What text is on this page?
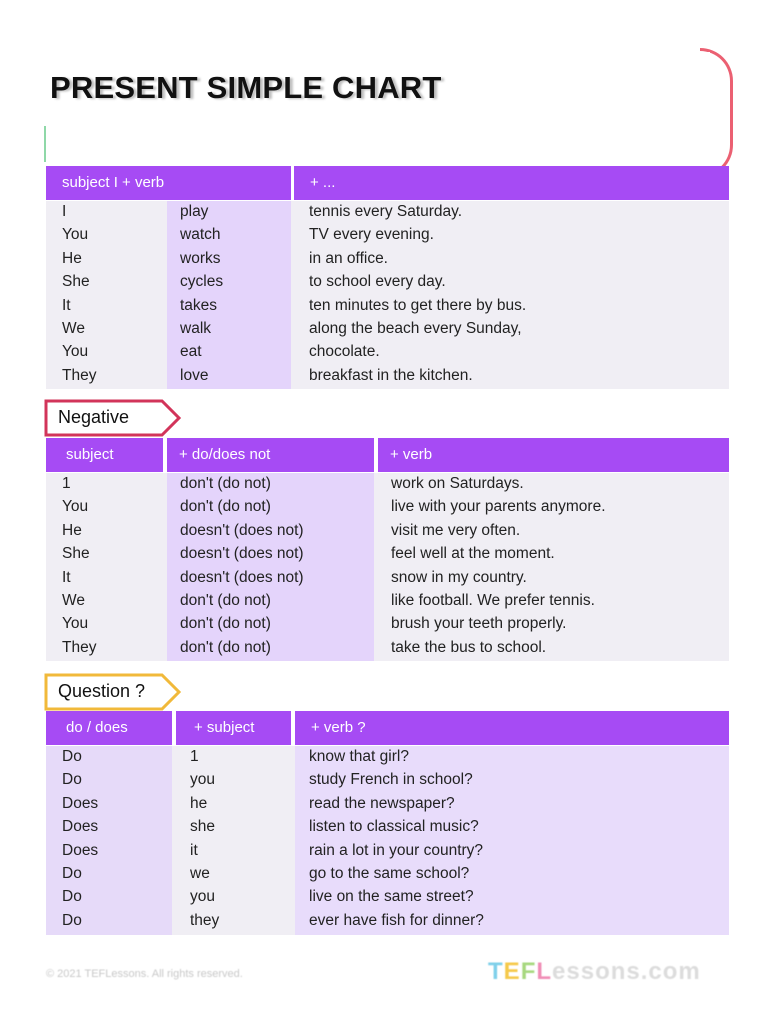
PRESENT SIMPLE CHART
subject I + verb	+ ...
I	play	tennis every Saturday.
You	watch	TV every evening.
He	works	in an office.
She	cycles	to school every day.
It	takes	ten minutes to get there by bus.
We	walk	along the beach every Sunday,
You	eat	chocolate.
They	love	breakfast in the kitchen.
Negative
subject	+ do/does not	+ verb
1	don't (do not)	work on Saturdays.
You	don't (do not)	live with your parents anymore.
He	doesn't (does not)	visit me very often.
She	doesn't (does not)	feel well at the moment.
It	doesn't (does not)	snow in my country.
We	don't (do not)	like football. We prefer tennis.
You	don't (do not)	brush your teeth properly.
They	don't (do not)	take the bus to school.
Question ?
do / does	+ subject	+ verb ?
Do	1	know that girl?
Do	you	study French in school?
Does	he	read the newspaper?
Does	she	listen to classical music?
Does	it	rain a lot in your country?
Do	we	go to the same school?
Do	you	live on the same street?
Do	they	ever have fish for dinner?
© 2021 TEFLessons. All rights reserved.	TEFLessons.com
